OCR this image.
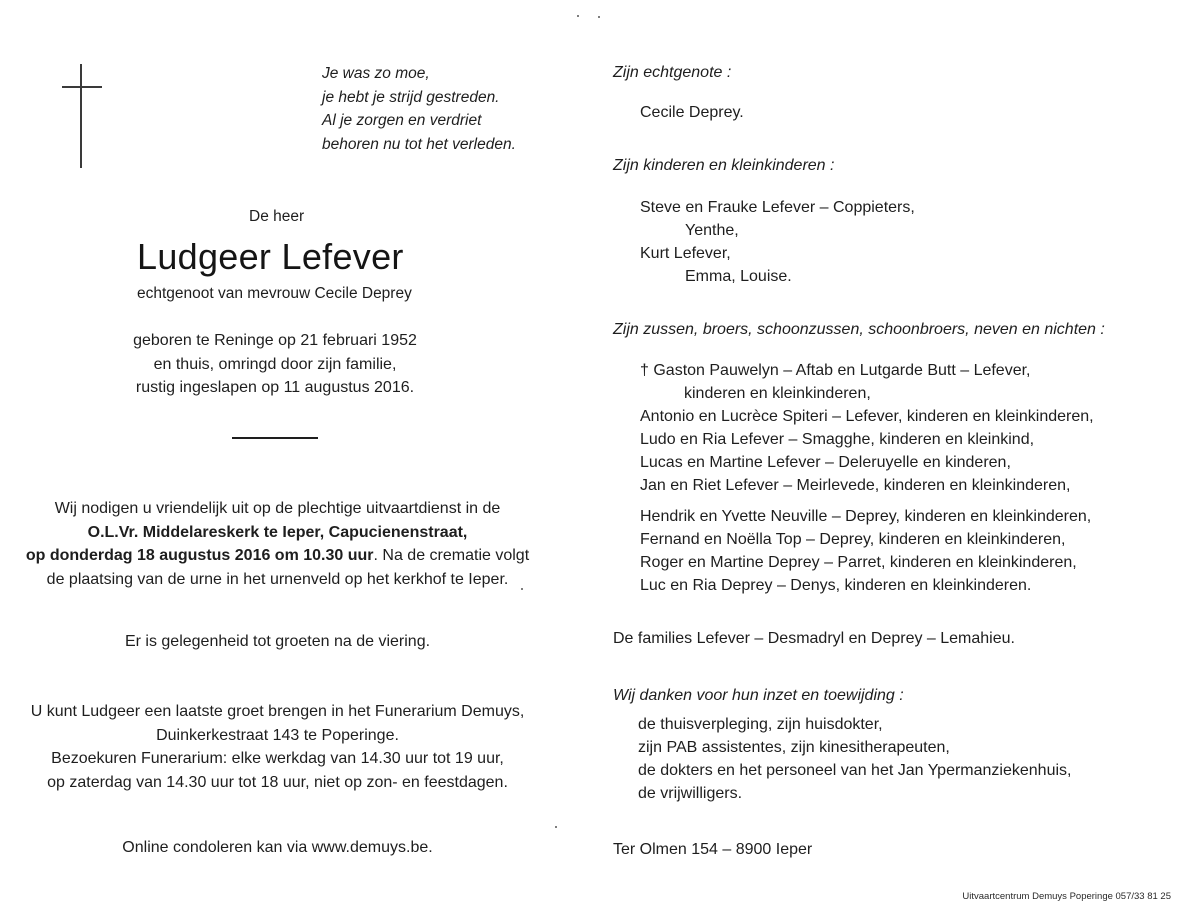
Je was zo moe,
je hebt je strijd gestreden.
Al je zorgen en verdriet
behoren nu tot het verleden.
De heer
Ludgeer Lefever
echtgenoot van mevrouw Cecile Deprey
geboren te Reninge op 21 februari 1952
en thuis, omringd door zijn familie,
rustig ingeslapen op 11 augustus 2016.
Wij nodigen u vriendelijk uit op de plechtige uitvaartdienst in de
O.L.Vr. Middelareskerk te Ieper, Capucienenstraat,
op donderdag 18 augustus 2016 om 10.30 uur. Na de crematie volgt
de plaatsing van de urne in het urnenveld op het kerkhof te Ieper.
Er is gelegenheid tot groeten na de viering.
U kunt Ludgeer een laatste groet brengen in het Funerarium Demuys,
Duinkerkestraat 143 te Poperinge.
Bezoekuren Funerarium: elke werkdag van 14.30 uur tot 19 uur,
op zaterdag van 14.30 uur tot 18 uur, niet op zon- en feestdagen.
Online condoleren kan via www.demuys.be.
Zijn echtgenote :
Cecile Deprey.
Zijn kinderen en kleinkinderen :
Steve en Frauke Lefever – Coppieters,
Yenthe,
Kurt Lefever,
Emma, Louise.
Zijn zussen, broers, schoonzussen, schoonbroers, neven en nichten :
† Gaston Pauwelyn – Aftab en Lutgarde Butt – Lefever,
kinderen en kleinkinderen,
Antonio en Lucrèce Spiteri – Lefever, kinderen en kleinkinderen,
Ludo en Ria Lefever – Smagghe, kinderen en kleinkind,
Lucas en Martine Lefever – Deleruyelle en kinderen,
Jan en Riet Lefever – Meirlevede, kinderen en kleinkinderen,
Hendrik en Yvette Neuville – Deprey, kinderen en kleinkinderen,
Fernand en Noëlla Top – Deprey, kinderen en kleinkinderen,
Roger en Martine Deprey – Parret, kinderen en kleinkinderen,
Luc en Ria Deprey – Denys, kinderen en kleinkinderen.
De families Lefever – Desmadryl en Deprey – Lemahieu.
Wij danken voor hun inzet en toewijding :
de thuisverpleging, zijn huisdokter,
zijn PAB assistentes, zijn kinesitherapeuten,
de dokters en het personeel van het Jan Ypermanziekenhuis,
de vrijwilligers.
Ter Olmen 154 – 8900 Ieper
Uitvaartcentrum Demuys Poperinge 057/33 81 25
